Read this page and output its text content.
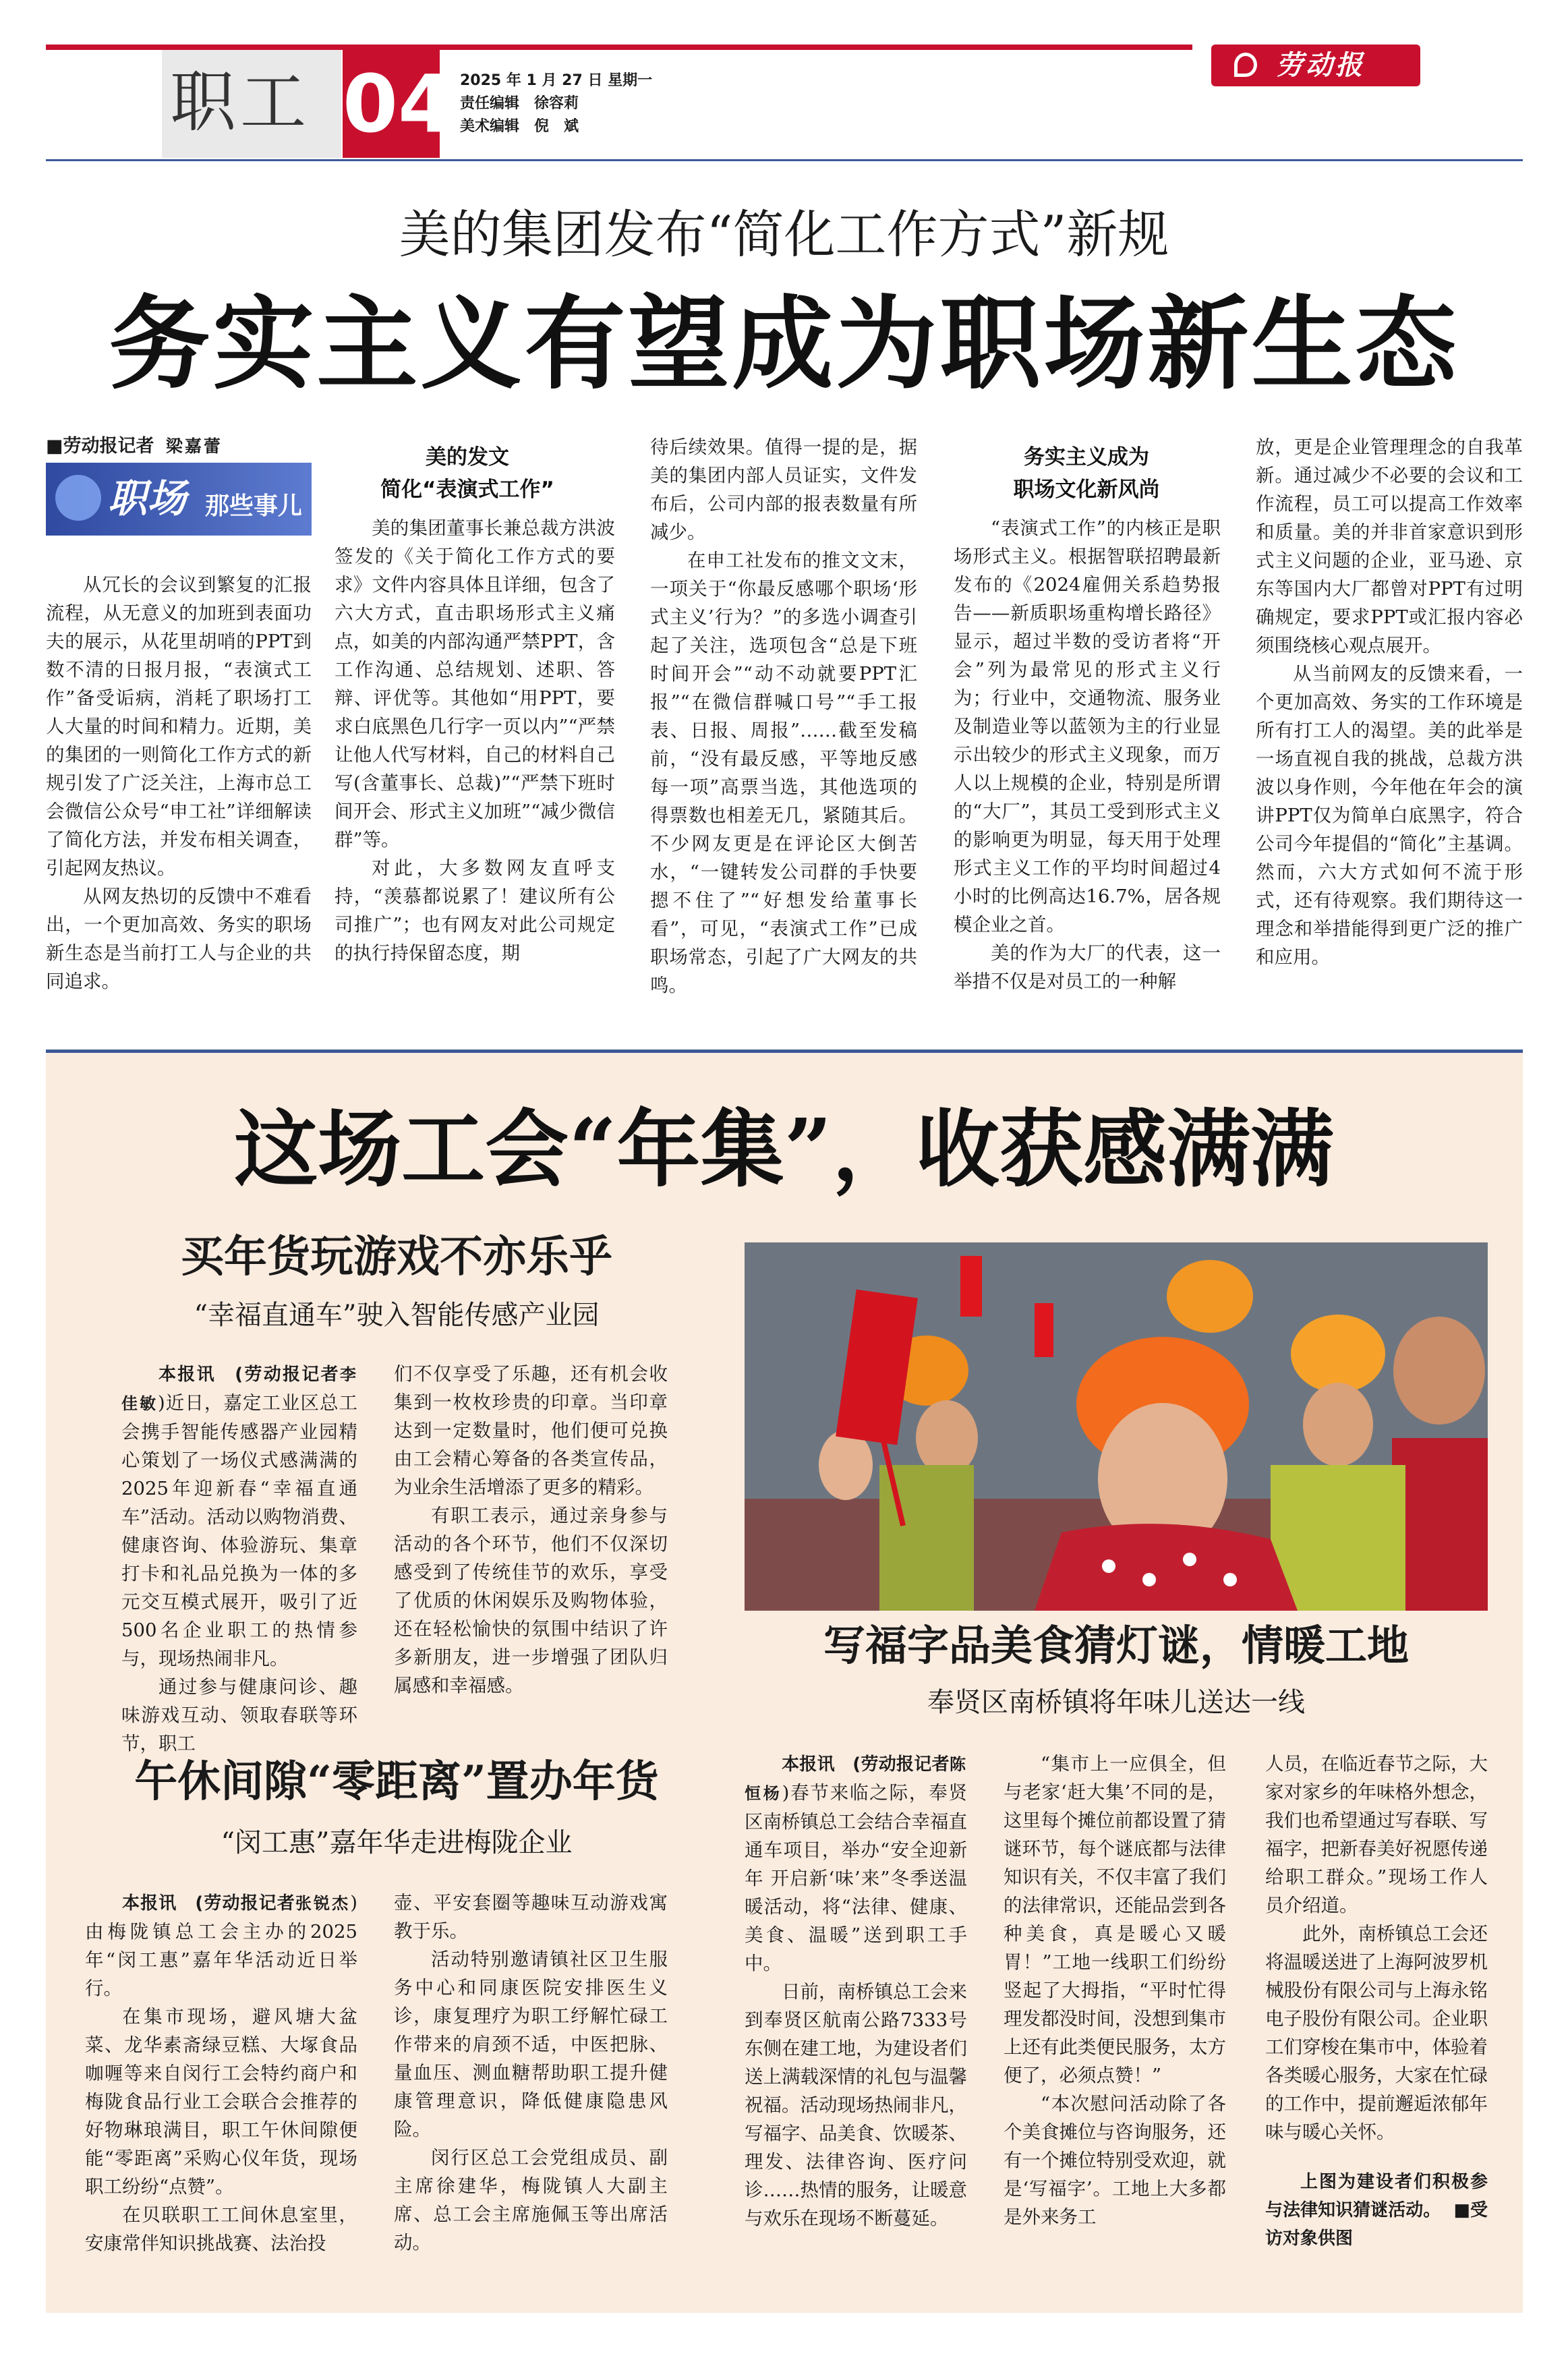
职工 04 2025 年 1 月 27 日 星期一
责任编辑　徐容莉
美术编辑　倪　斌
劳动报
美的集团发布“简化工作方式”新规
务实主义有望成为职场新生态
■劳动报记者 梁嘉蕾
职场 那些事儿

从冗长的会议到繁复的汇报流程，从无意义的加班到表面功夫的展示，从花里胡哨的PPT到数不清的日报月报，“表演式工作”备受诟病，消耗了职场打工人大量的时间和精力。近期，美的集团的一则简化工作方式的新规引发了广泛关注，上海市总工会微信公众号“申工社”详细解读了简化方法，并发布相关调查，引起网友热议。

从网友热切的反馈中不难看出，一个更加高效、务实的职场新生态是当前打工人与企业的共同追求。

美的发文
简化“表演式工作”

美的集团董事长兼总裁方洪波签发的《关于简化工作方式的要求》文件内容具体且详细，包含了六大方式，直击职场形式主义痛点，如美的内部沟通严禁PPT，含工作沟通、总结规划、述职、答辩、评优等。其他如“用PPT，要求白底黑色几行字一页以内”“严禁让他人代写材料，自己的材料自己写(含董事长、总裁)”“严禁下班时间开会、形式主义加班”“减少微信群”等。

对此，大多数网友直呼支持，“羡慕都说累了！建议所有公司推广”；也有网友对此公司规定的执行持保留态度，期

待后续效果。值得一提的是，据美的集团内部人员证实，文件发布后，公司内部的报表数量有所减少。

在申工社发布的推文文末，一项关于“你最反感哪个职场‘形式主义’行为？”的多选小调查引起了关注，选项包含“总是下班时间开会”“动不动就要PPT汇报”“在微信群喊口号”“手工报表、日报、周报”……截至发稿前，“没有最反感，平等地反感每一项”高票当选，其他选项的得票数也相差无几，紧随其后。不少网友更是在评论区大倒苦水，“一键转发公司群的手快要摁不住了”“好想发给董事长看”，可见，“表演式工作”已成职场常态，引起了广大网友的共鸣。

务实主义成为
职场文化新风尚

“表演式工作”的内核正是职场形式主义。根据智联招聘最新发布的《2024雇佣关系趋势报告——新质职场重构增长路径》显示，超过半数的受访者将“开会”列为最常见的形式主义行为；行业中，交通物流、服务业及制造业等以蓝领为主的行业显示出较少的形式主义现象，而万人以上规模的企业，特别是所谓的“大厂”，其员工受到形式主义的影响更为明显，每天用于处理形式主义工作的平均时间超过4小时的比例高达16.7%，居各规模企业之首。

美的作为大厂的代表，这一举措不仅是对员工的一种解

放，更是企业管理理念的自我革新。通过减少不必要的会议和工作流程，员工可以提高工作效率和质量。美的并非首家意识到形式主义问题的企业，亚马逊、京东等国内大厂都曾对PPT有过明确规定，要求PPT或汇报内容必须围绕核心观点展开。

从当前网友的反馈来看，一个更加高效、务实的工作环境是所有打工人的渴望。美的此举是一场直视自我的挑战，总裁方洪波以身作则，今年他在年会的演讲PPT仅为简单白底黑字，符合公司今年提倡的“简化”主基调。然而，六大方式如何不流于形式，还有待观察。我们期待这一理念和举措能得到更广泛的推广和应用。

这场工会“年集”，收获感满满
买年货玩游戏不亦乐乎
“幸福直通车”驶入智能传感产业园

本报讯　(劳动报记者李佳敏)近日，嘉定工业区总工会携手智能传感器产业园精心策划了一场仪式感满满的2025年迎新春“幸福直通车”活动。活动以购物消费、健康咨询、体验游玩、集章打卡和礼品兑换为一体的多元交互模式展开，吸引了近500名企业职工的热情参与，现场热闹非凡。

通过参与健康问诊、趣味游戏互动、领取春联等环节，职工

们不仅享受了乐趣，还有机会收集到一枚枚珍贵的印章。当印章达到一定数量时，他们便可兑换由工会精心筹备的各类宣传品，为业余生活增添了更多的精彩。

有职工表示，通过亲身参与活动的各个环节，他们不仅深切感受到了传统佳节的欢乐，享受了优质的休闲娱乐及购物体验，还在轻松愉快的氛围中结识了许多新朋友，进一步增强了团队归属感和幸福感。

写福字品美食猜灯谜，情暖工地
奉贤区南桥镇将年味儿送达一线
午休间隙“零距离”置办年货
“闵工惠”嘉年华走进梅陇企业

本报讯　(劳动报记者张锐杰)由梅陇镇总工会主办的2025年“闵工惠”嘉年华活动近日举行。

在集市现场，避风塘大盆菜、龙华素斋绿豆糕、大塚食品咖喱等来自闵行工会特约商户和梅陇食品行业工会联合会推荐的好物琳琅满目，职工午休间隙便能“零距离”采购心仪年货，现场职工纷纷“点赞”。

在贝联职工工间休息室里，安康常伴知识挑战赛、法治投

壶、平安套圈等趣味互动游戏寓教于乐。

活动特别邀请镇社区卫生服务中心和同康医院安排医生义诊，康复理疗为职工纾解忙碌工作带来的肩颈不适，中医把脉、量血压、测血糖帮助职工提升健康管理意识，降低健康隐患风险。

闵行区总工会党组成员、副主席徐建华，梅陇镇人大副主席、总工会主席施佩玉等出席活动。

本报讯　(劳动报记者陈恒杨)春节来临之际，奉贤区南桥镇总工会结合幸福直通车项目，举办“安全迎新年 开启新‘味’来”冬季送温暖活动，将“法律、健康、美食、温暖”送到职工手中。

日前，南桥镇总工会来到奉贤区航南公路7333号东侧在建工地，为建设者们送上满载深情的礼包与温馨祝福。活动现场热闹非凡，写福字、品美食、饮暖茶、理发、法律咨询、医疗问诊……热情的服务，让暖意与欢乐在现场不断蔓延。

“集市上一应俱全，但与老家‘赶大集’不同的是，这里每个摊位前都设置了猜谜环节，每个谜底都与法律知识有关，不仅丰富了我们的法律常识，还能品尝到各种美食，真是暖心又暖胃！”工地一线职工们纷纷竖起了大拇指，“平时忙得理发都没时间，没想到集市上还有此类便民服务，太方便了，必须点赞！”

“本次慰问活动除了各个美食摊位与咨询服务，还有一个摊位特别受欢迎，就是‘写福字’。工地上大多都是外来务工

人员，在临近春节之际，大家对家乡的年味格外想念，我们也希望通过写春联、写福字，把新春美好祝愿传递给职工群众。”现场工作人员介绍道。

此外，南桥镇总工会还将温暖送进了上海阿波罗机械股份有限公司与上海永铭电子股份有限公司。企业职工们穿梭在集市中，体验着各类暖心服务，大家在忙碌的工作中，提前邂逅浓郁年味与暖心关怀。

上图为建设者们积极参与法律知识猜谜活动。 ■受访对象供图
